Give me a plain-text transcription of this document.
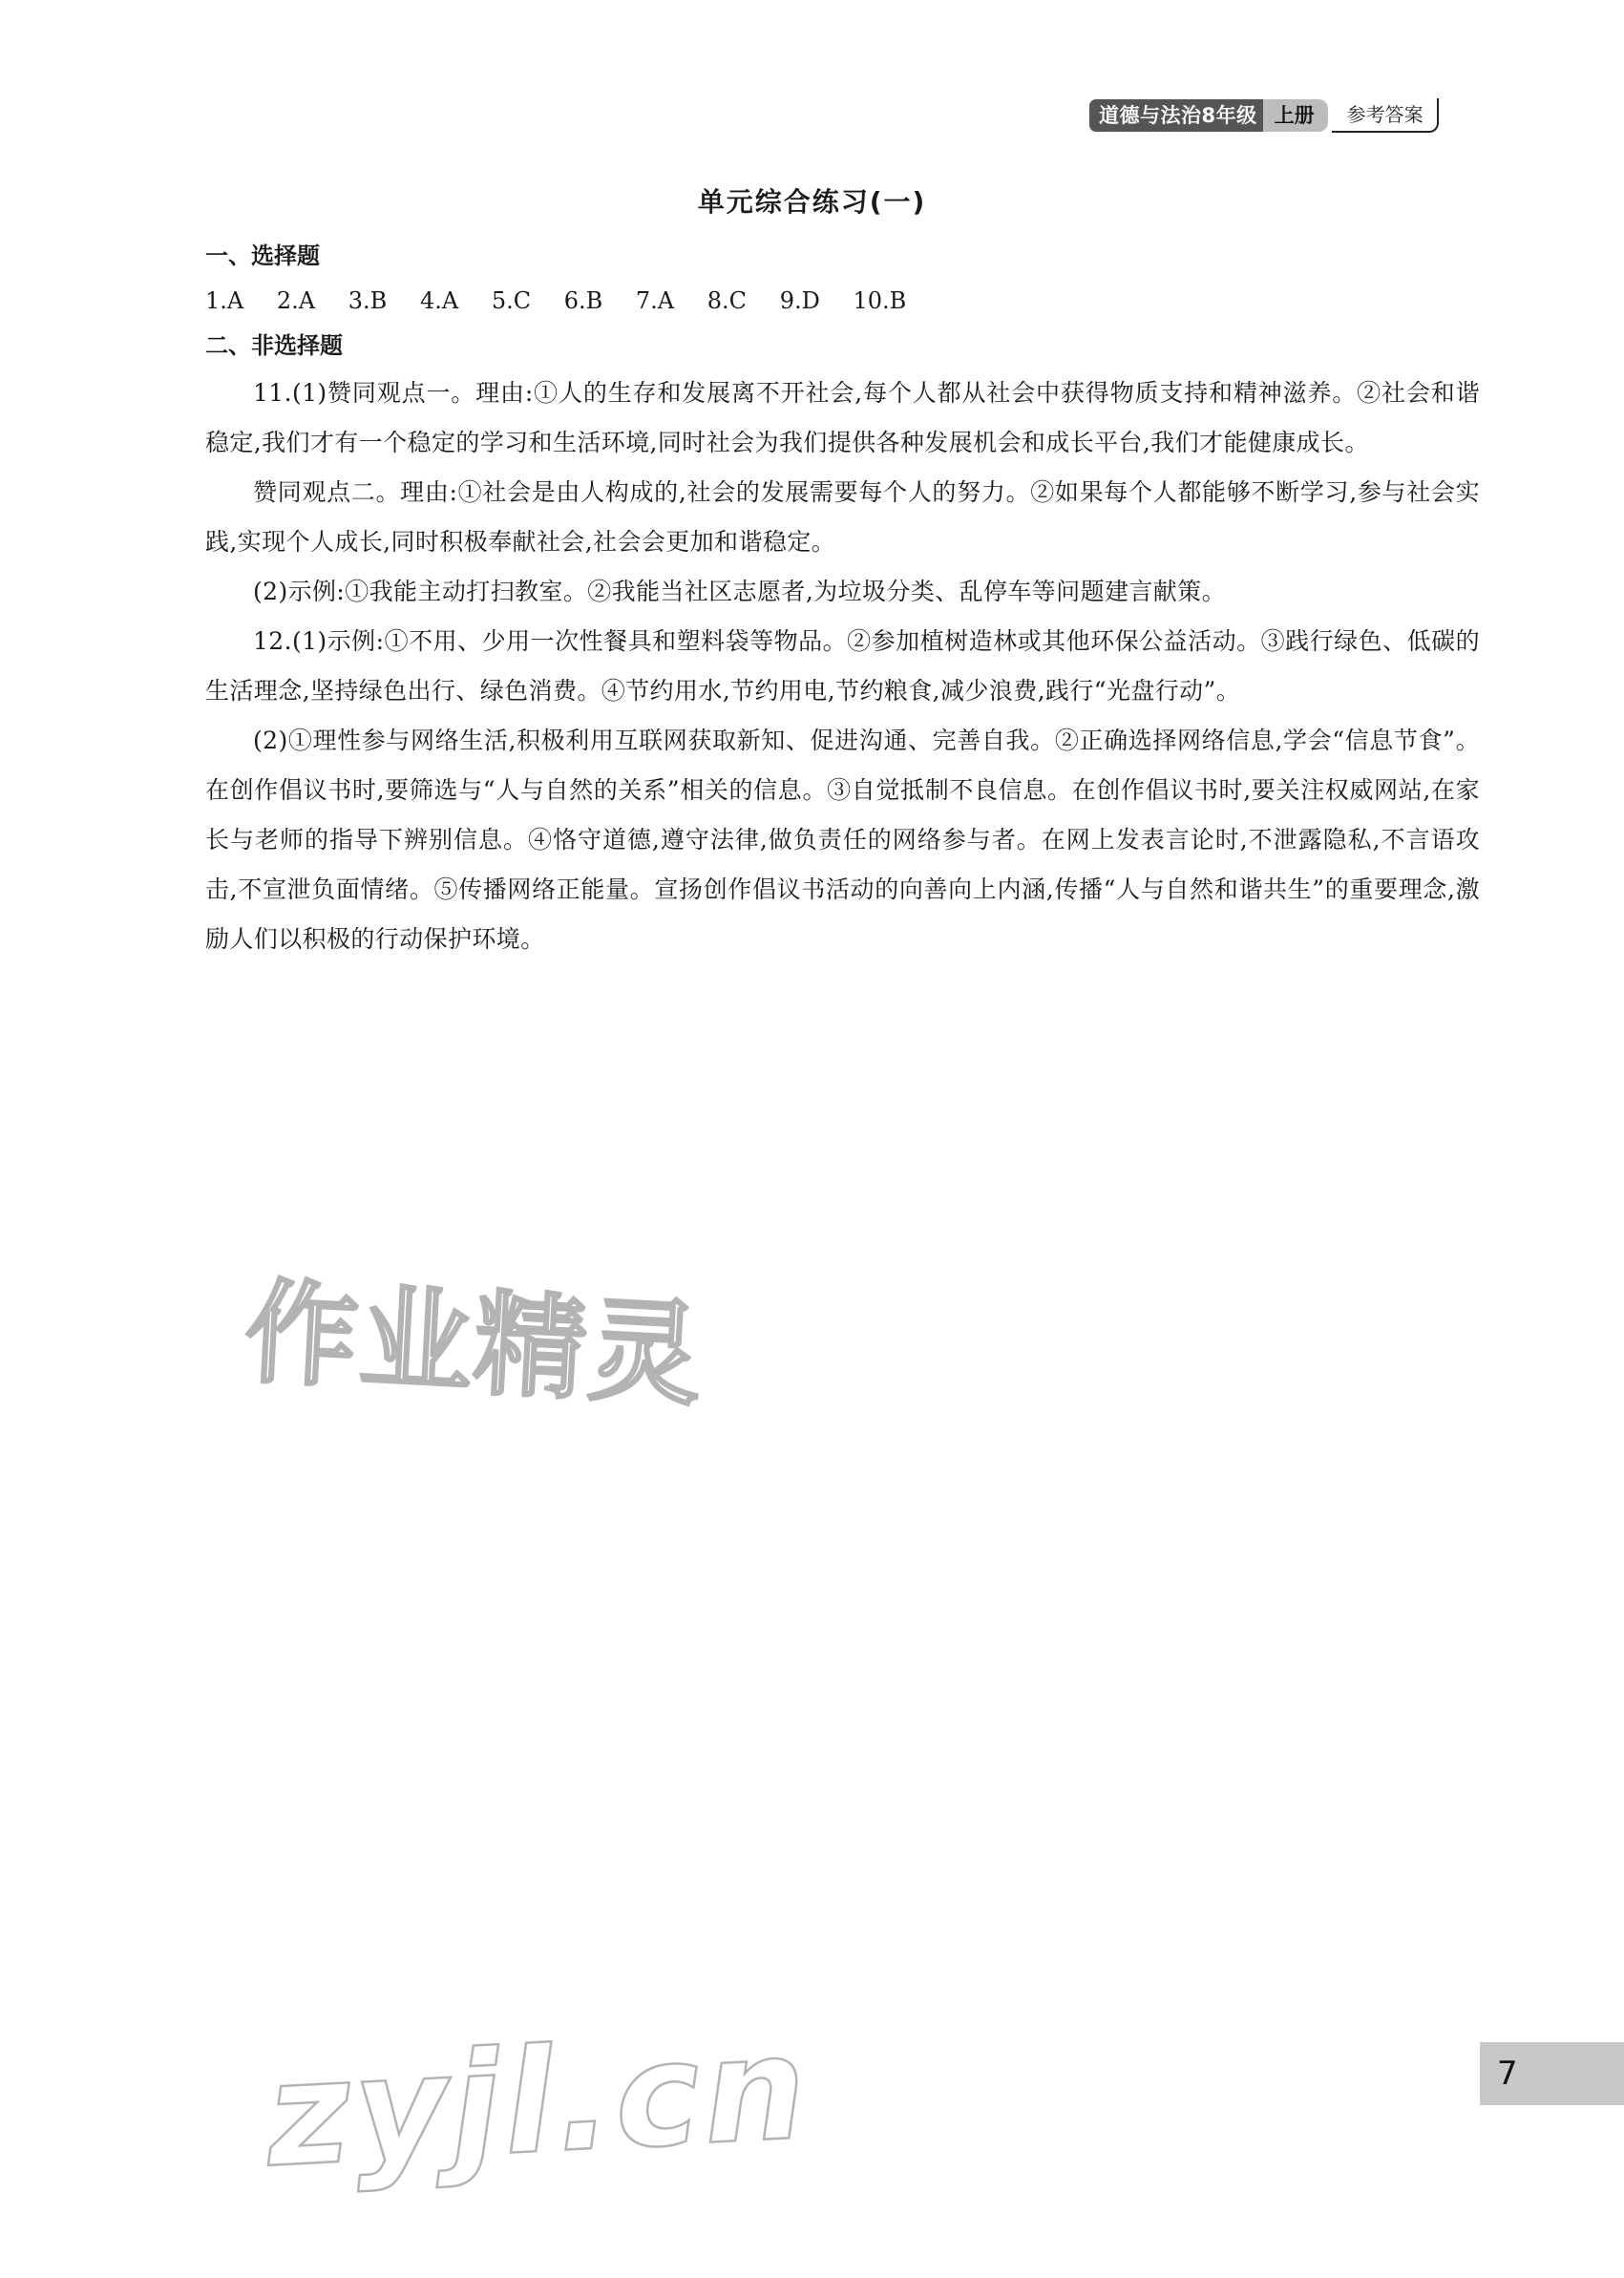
道德与法治8年级 上册	参考答案
单元综合练习(一)

一、选择题

1.A 2.A 3.B 4.A 5.C 6.B 7.A 8.C 9.D 10.B

二、非选择题

11.(1)赞同观点一。理由:①人的生存和发展离不开社会,每个人都从社会中获得物质支持和精神滋养。②社会和谐稳定,我们才有一个稳定的学习和生活环境,同时社会为我们提供各种发展机会和成长平台,我们才能健康成长。

赞同观点二。理由:①社会是由人构成的,社会的发展需要每个人的努力。②如果每个人都能够不断学习,参与社会实践,实现个人成长,同时积极奉献社会,社会会更加和谐稳定。

(2)示例:①我能主动打扫教室。②我能当社区志愿者,为垃圾分类、乱停车等问题建言献策。

12.(1)示例:①不用、少用一次性餐具和塑料袋等物品。②参加植树造林或其他环保公益活动。③践行绿色、低碳的生活理念,坚持绿色出行、绿色消费。④节约用水,节约用电,节约粮食,减少浪费,践行“光盘行动”。

(2)①理性参与网络生活,积极利用互联网获取新知、促进沟通、完善自我。②正确选择网络信息,学会“信息节食”。在创作倡议书时,要筛选与“人与自然的关系”相关的信息。③自觉抵制不良信息。在创作倡议书时,要关注权威网站,在家长与老师的指导下辨别信息。④恪守道德,遵守法律,做负责任的网络参与者。在网上发表言论时,不泄露隐私,不言语攻击,不宣泄负面情绪。⑤传播网络正能量。宣扬创作倡议书活动的向善向上内涵,传播“人与自然和谐共生”的重要理念,激励人们以积极的行动保护环境。

作业精灵
zyjl.cn	7
